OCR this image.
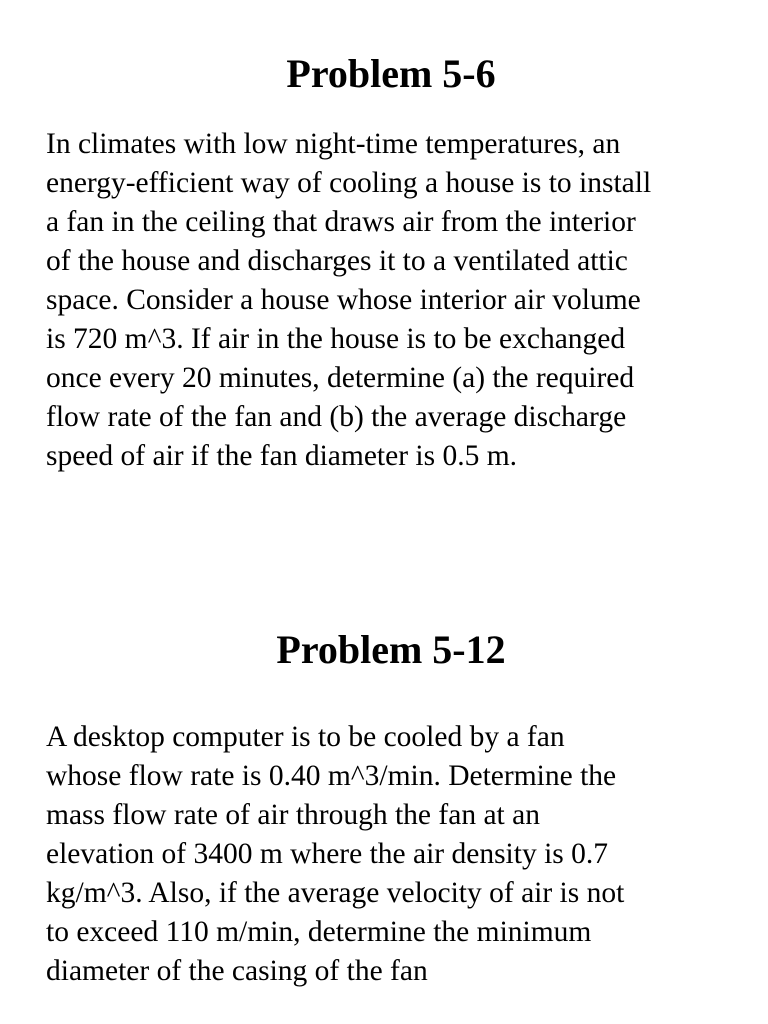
Problem 5-6

In climates with low night-time temperatures, an
energy-efficient way of cooling a house is to install
a fan in the ceiling that draws air from the interior
of the house and discharges it to a ventilated attic
space. Consider a house whose interior air volume
is 720 m^3. If air in the house is to be exchanged
once every 20 minutes, determine (a) the required
flow rate of the fan and (b) the average discharge
speed of air if the fan diameter is 0.5 m.

Problem 5-12

A desktop computer is to be cooled by a fan
whose flow rate is 0.40 m^3/min. Determine the
mass flow rate of air through the fan at an
elevation of 3400 m where the air density is 0.7
kg/m^3. Also, if the average velocity of air is not
to exceed 110 m/min, determine the minimum
diameter of the casing of the fan
